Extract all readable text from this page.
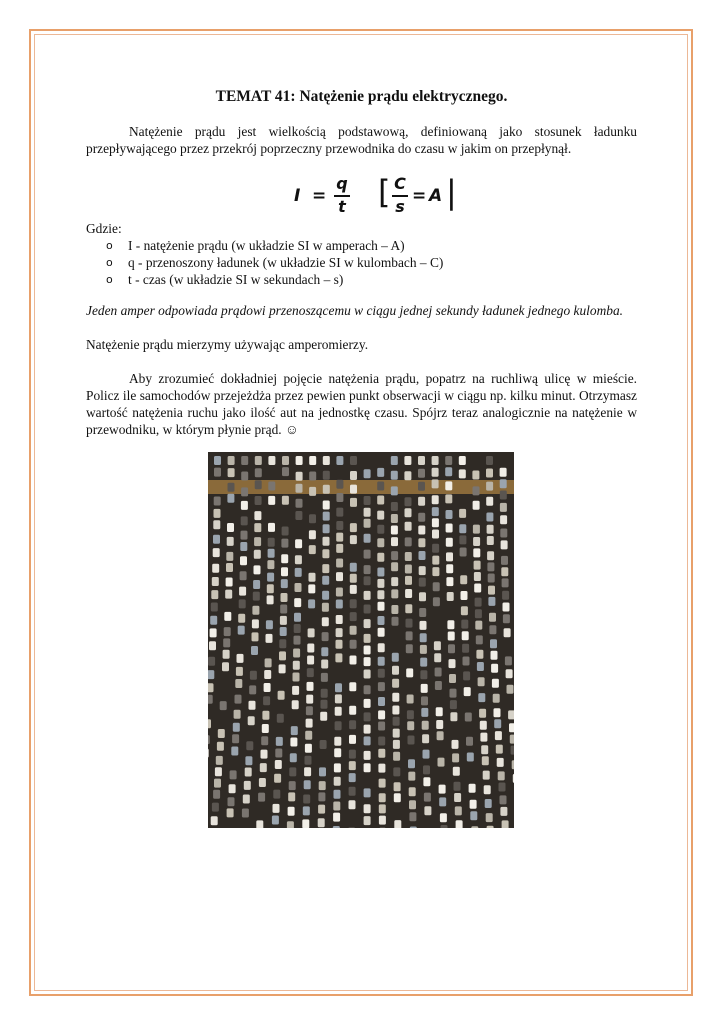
TEMAT 41: Natężenie prądu elektrycznego.

Natężenie prądu jest wielkością podstawową, definiowaną jako stosunek ładunku przepływającego przez przekrój poprzeczny przewodnika do czasu w jakim on przepłynął.

I =
q
t [ C
s
= A |

Gdzie:

o I - natężenie prądu (w układzie SI w amperach – A)
o q - przenoszony ładunek (w układzie SI w kulombach – C)
o t - czas (w układzie SI w sekundach – s)

Jeden amper odpowiada prądowi przenoszącemu w ciągu jednej sekundy ładunek jednego kulomba.

Natężenie prądu mierzymy używając amperomierzy.

Aby zrozumieć dokładniej pojęcie natężenia prądu, popatrz na ruchliwą ulicę w mieście. Policz ile samochodów przejeżdża przez pewien punkt obserwacji w ciągu np. kilku minut. Otrzymasz wartość natężenia ruchu jako ilość aut na jednostkę czasu. Spójrz teraz analogicznie na natężenie w przewodniku, w którym płynie prąd. ☺
